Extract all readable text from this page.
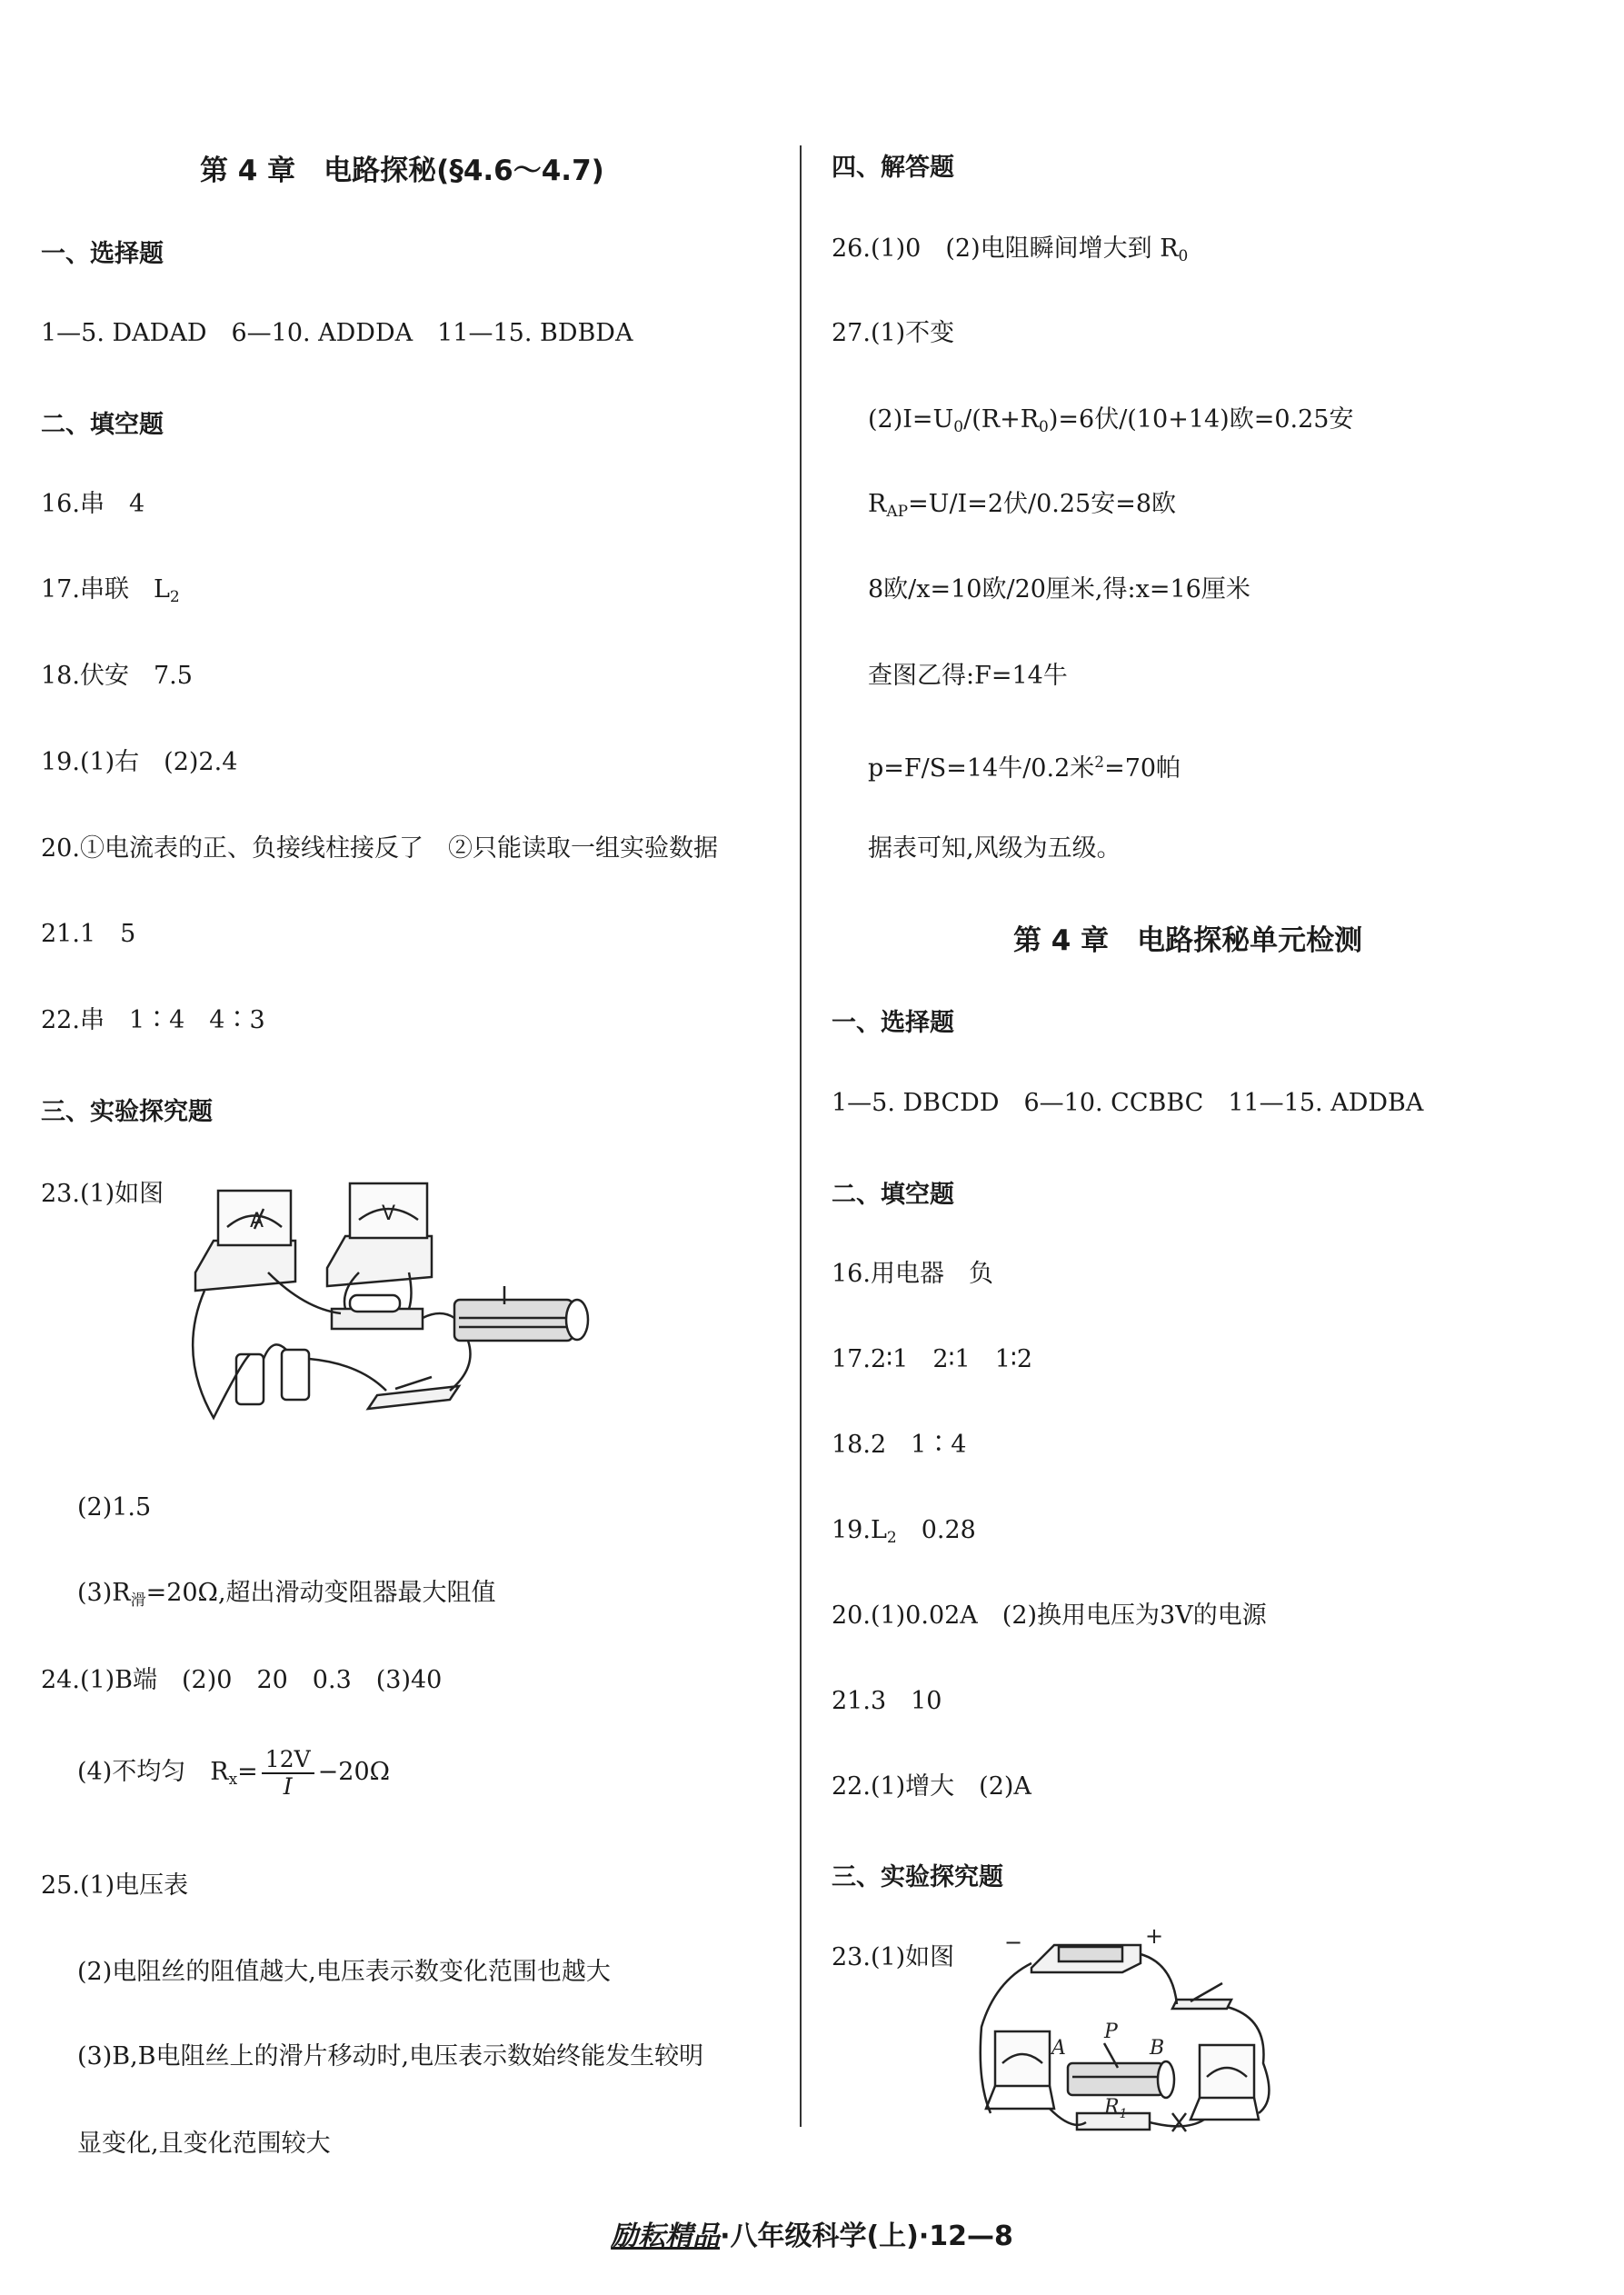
第 4 章　电路探秘(§4.6～4.7)
一、选择题
1—5. DADAD　6—10. ADDDA　11—15. BDBDA
二、填空题
16.串　4
17.串联　$L_2$
18.伏安　7.5
19.(1)右　(2)2.4
20.①电流表的正、负接线柱接反了　②只能读取一组实验数据
21.1　5
22.串　1∶4　4∶3
三、实验探究题
23.(1)如图
A	V
(2)1.5
$(3)R_滑=20\Omega$,超出滑动变阻器最大阻值
24.(1)B端　(2)0　20　0.3　(3)40
(4)不均匀　$R_x= \frac{12V}{I} -20\Omega$
25.(1)电压表
(2)电阻丝的阻值越大,电压表示数变化范围也越大
(3)B,B电阻丝上的滑片移动时,电压表示数始终能发生较明
显变化,且变化范围较大
四、解答题
26.(1)0　(2)电阻瞬间增大到 $R_0$
27.(1)不变
$(2)I=U_0/(R+R_0)=6$伏/(10+14)欧=0.25安
$R_{AP}=U/I=2$伏/0.25安=8欧
8欧/x=10欧/20厘米,得:x=16厘米
查图乙得:F=14牛
p=F/S=14牛/0.2米$^2$=70帕
据表可知,风级为五级。
第 4 章　电路探秘单元检测
一、选择题
1—5. DBCDD　6—10. CCBBC　11—15. ADDBA
二、填空题
16.用电器　负
17.2∶1　2∶1　1∶2
18.2　1∶4
$19.L_2$　0.28
20.(1)0.02A　(2)换用电压为3V的电源
21.3　10
22.(1)增大　(2)A
三、实验探究题
23.(1)如图
−	+
A
P
B
$R_1$
励耘精品·八年级科学(上)·12—8
